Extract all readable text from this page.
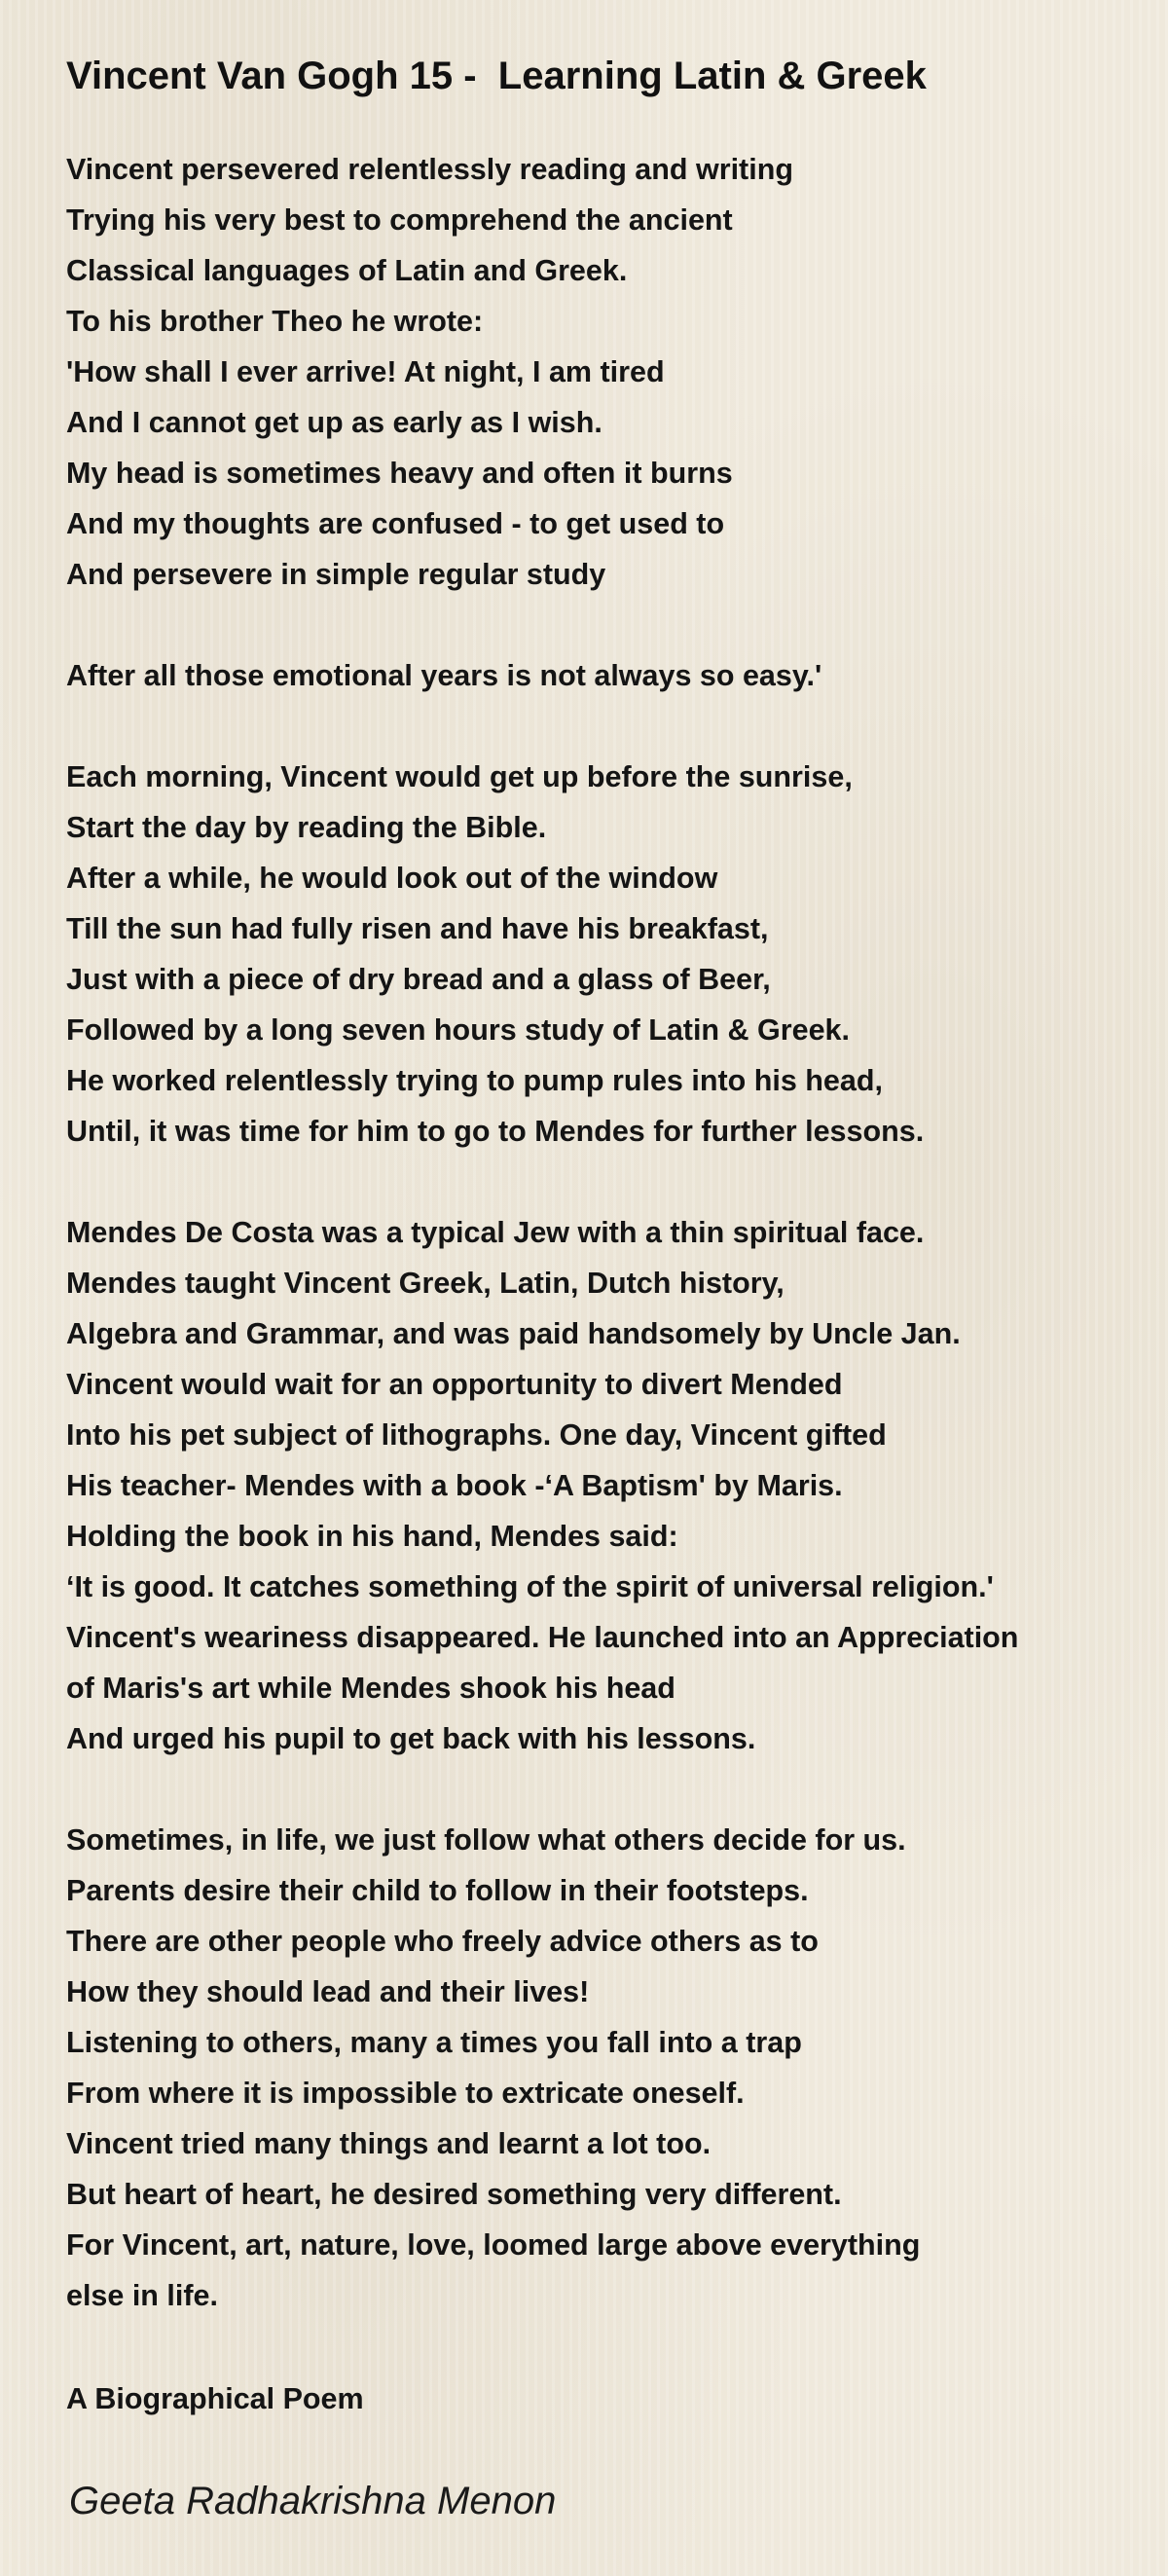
Vincent Van Gogh 15 -  Learning Latin & Greek
Vincent persevered relentlessly reading and writing
Trying his very best to comprehend the ancient
Classical languages of Latin and Greek.
To his brother Theo he wrote:
'How shall I ever arrive! At night, I am tired
And I cannot get up as early as I wish.
My head is sometimes heavy and often it burns
And my thoughts are confused - to get used to
And persevere in simple regular study
After all those emotional years is not always so easy.'
Each morning, Vincent would get up before the sunrise,
Start the day by reading the Bible.
After a while, he would look out of the window
Till the sun had fully risen and have his breakfast,
Just with a piece of dry bread and a glass of Beer,
Followed by a long seven hours study of Latin & Greek.
He worked relentlessly trying to pump rules into his head,
Until, it was time for him to go to Mendes for further lessons.
Mendes De Costa was a typical Jew with a thin spiritual face.
Mendes taught Vincent Greek, Latin, Dutch history,
Algebra and Grammar, and was paid handsomely by Uncle Jan.
Vincent would wait for an opportunity to divert Mended
Into his pet subject of lithographs. One day, Vincent gifted
His teacher- Mendes with a book -‘A Baptism' by Maris.
Holding the book in his hand, Mendes said:
‘It is good. It catches something of the spirit of universal religion.'
Vincent's weariness disappeared. He launched into an Appreciation
of Maris's art while Mendes shook his head
And urged his pupil to get back with his lessons.
Sometimes, in life, we just follow what others decide for us.
Parents desire their child to follow in their footsteps.
There are other people who freely advice others as to
How they should lead and their lives!
Listening to others, many a times you fall into a trap
From where it is impossible to extricate oneself.
Vincent tried many things and learnt a lot too.
But heart of heart, he desired something very different.
For Vincent, art, nature, love, loomed large above everything
else in life.

A Biographical Poem

Geeta Radhakrishna Menon
